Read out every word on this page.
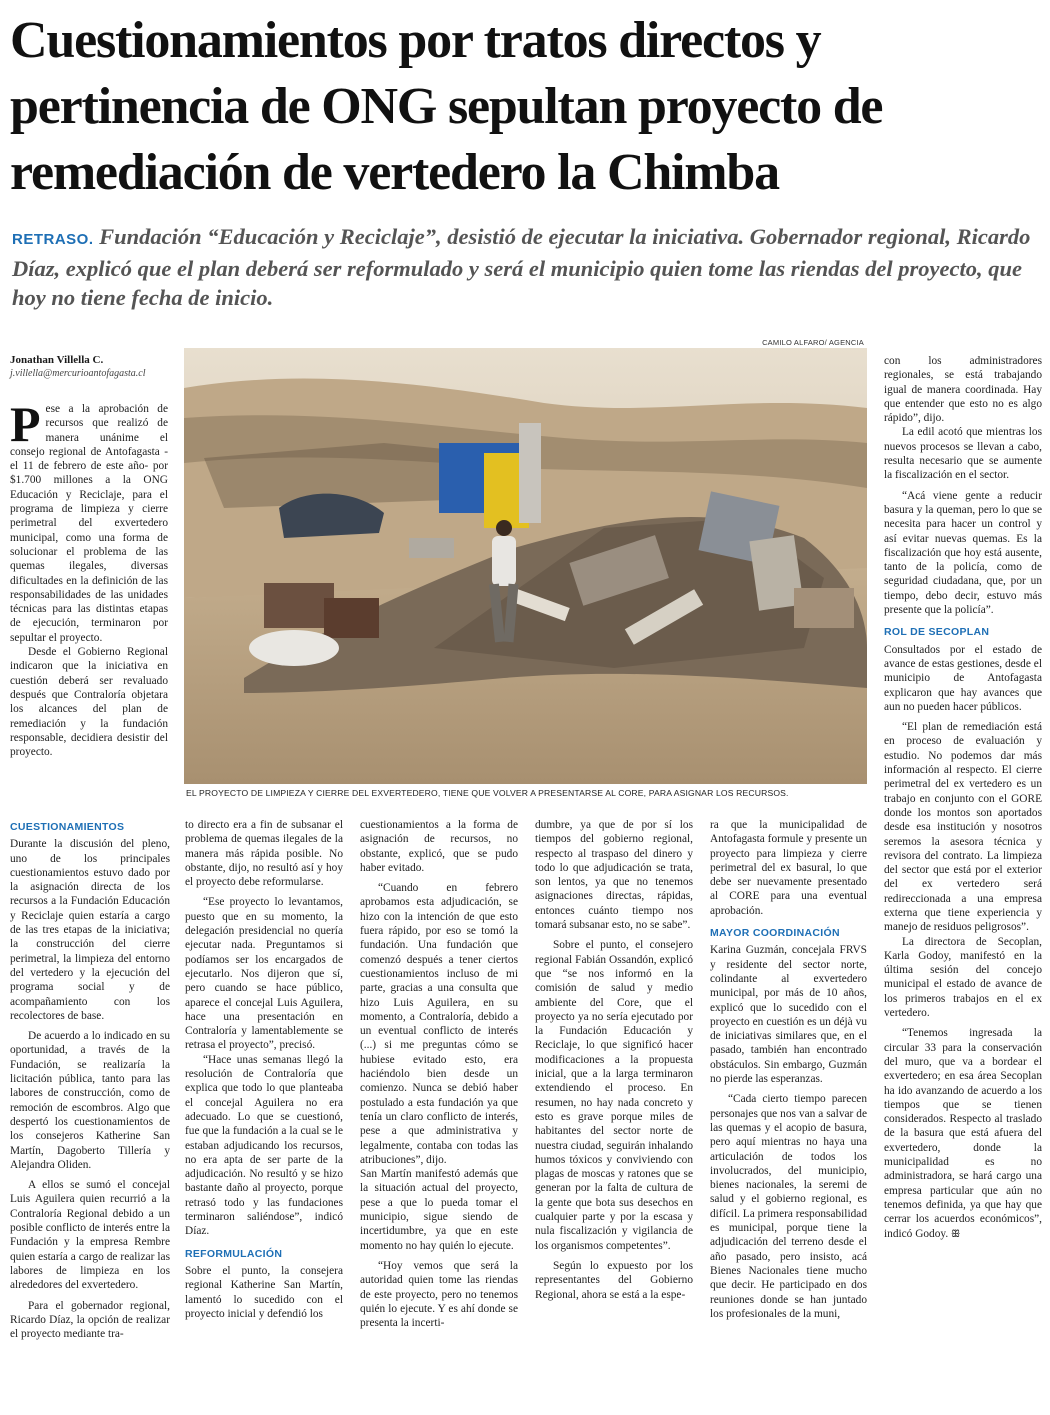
Cuestionamientos por tratos directos y pertinencia de ONG sepultan proyecto de remediación de vertedero la Chimba
RETRASO. Fundación “Educación y Reciclaje”, desistió de ejecutar la iniciativa. Gobernador regional, Ricardo Díaz, explicó que el plan deberá ser reformulado y será el municipio quien tome las riendas del proyecto, que hoy no tiene fecha de inicio.
Jonathan Villella C.
j.villella@mercurioantofagasta.cl
CAMILO ALFARO/ AGENCIA
EL PROYECTO DE LIMPIEZA Y CIERRE DEL EXVERTEDERO, TIENE QUE VOLVER A PRESENTARSE AL CORE, PARA ASIGNAR LOS RECURSOS.
P ese a la aprobación de recursos que realizó de manera unánime el consejo regional de Antofagasta -el 11 de febrero de este año- por $1.700 millones a la ONG Educación y Reciclaje, para el programa de limpieza y cierre perimetral del exvertedero municipal, como una forma de solucionar el problema de las quemas ilegales, diversas dificultades en la definición de las responsabilidades de las unidades técnicas para las distintas etapas de ejecución, terminaron por sepultar el proyecto.

Desde el Gobierno Regional indicaron que la iniciativa en cuestión deberá ser revaluado después que Contraloría objetara los alcances del plan de remediación y la fundación responsable, decidiera desistir del proyecto.

CUESTIONAMIENTOS

Durante la discusión del pleno, uno de los principales cuestionamientos estuvo dado por la asignación directa de los recursos a la Fundación Educación y Reciclaje quien estaría a cargo de las tres etapas de la iniciativa; la construcción del cierre perimetral, la limpieza del entorno del vertedero y la ejecución del programa social y de acompañamiento con los recolectores de base.

De acuerdo a lo indicado en su oportunidad, a través de la Fundación, se realizaría la licitación pública, tanto para las labores de construcción, como de remoción de escombros. Algo que despertó los cuestionamientos de los consejeros Katherine San Martín, Dagoberto Tillería y Alejandra Oliden.

A ellos se sumó el concejal Luis Aguilera quien recurrió a la Contraloría Regional debido a un posible conflicto de interés entre la Fundación y la empresa Rembre quien estaría a cargo de realizar las labores de limpieza en los alrededores del exvertedero.

Para el gobernador regional, Ricardo Díaz, la opción de realizar el proyecto mediante tra-

to directo era a fin de subsanar el problema de quemas ilegales de la manera más rápida posible. No obstante, dijo, no resultó así y hoy el proyecto debe reformularse.

“Ese proyecto lo levantamos, puesto que en su momento, la delegación presidencial no quería ejecutar nada. Preguntamos si podíamos ser los encargados de ejecutarlo. Nos dijeron que sí, pero cuando se hace público, aparece el concejal Luis Aguilera, hace una presentación en Contraloría y lamentablemente se retrasa el proyecto”, precisó.

“Hace unas semanas llegó la resolución de Contraloría que explica que todo lo que planteaba el concejal Aguilera no era adecuado. Lo que se cuestionó, fue que la fundación a la cual se le estaban adjudicando los recursos, no era apta de ser parte de la adjudicación. No resultó y se hizo bastante daño al proyecto, porque retrasó todo y las fundaciones terminaron saliéndose”, indicó Díaz.

REFORMULACIÓN

Sobre el punto, la consejera regional Katherine San Martín, lamentó lo sucedido con el proyecto inicial y defendió los

cuestionamientos a la forma de asignación de recursos, no obstante, explicó, que se pudo haber evitado.

“Cuando en febrero aprobamos esta adjudicación, se hizo con la intención de que esto fuera rápido, por eso se tomó la fundación. Una fundación que comenzó después a tener ciertos cuestionamientos incluso de mi parte, gracias a una consulta que hizo Luis Aguilera, en su momento, a Contraloría, debido a un eventual conflicto de interés (...) si me preguntas cómo se hubiese evitado esto, era haciéndolo bien desde un comienzo. Nunca se debió haber postulado a esta fundación ya que tenía un claro conflicto de interés, pese a que administrativa y legalmente, contaba con todas las atribuciones”, dijo.

San Martín manifestó además que la situación actual del proyecto, pese a que lo pueda tomar el municipio, sigue siendo de incertidumbre, ya que en este momento no hay quién lo ejecute.

“Hoy vemos que será la autoridad quien tome las riendas de este proyecto, pero no tenemos quién lo ejecute. Y es ahí donde se presenta la incerti-

dumbre, ya que de por sí los tiempos del gobierno regional, respecto al traspaso del dinero y todo lo que adjudicación se trata, son lentos, ya que no tenemos asignaciones directas, rápidas, entonces cuánto tiempo nos tomará subsanar esto, no se sabe”.

Sobre el punto, el consejero regional Fabián Ossandón, explicó que “se nos informó en la comisión de salud y medio ambiente del Core, que el proyecto ya no sería ejecutado por la Fundación Educación y Reciclaje, lo que significó hacer modificaciones a la propuesta inicial, que a la larga terminaron extendiendo el proceso. En resumen, no hay nada concreto y esto es grave porque miles de habitantes del sector norte de nuestra ciudad, seguirán inhalando humos tóxicos y conviviendo con plagas de moscas y ratones que se generan por la falta de cultura de la gente que bota sus desechos en cualquier parte y por la escasa y nula fiscalización y vigilancia de los organismos competentes”.

Según lo expuesto por los representantes del Gobierno Regional, ahora se está a la espe-

ra que la municipalidad de Antofagasta formule y presente un proyecto para limpieza y cierre perimetral del ex basural, lo que debe ser nuevamente presentado al CORE para una eventual aprobación.

MAYOR COORDINACIÓN

Karina Guzmán, concejala FRVS y residente del sector norte, colindante al exvertedero municipal, por más de 10 años, explicó que lo sucedido con el proyecto en cuestión es un déjà vu de iniciativas similares que, en el pasado, también han encontrado obstáculos. Sin embargo, Guzmán no pierde las esperanzas.

“Cada cierto tiempo parecen personajes que nos van a salvar de las quemas y el acopio de basura, pero aquí mientras no haya una articulación de todos los involucrados, del municipio, bienes nacionales, la seremi de salud y el gobierno regional, es difícil. La primera responsabilidad es municipal, porque tiene la adjudicación del terreno desde el año pasado, pero insisto, acá Bienes Nacionales tiene mucho que decir. He participado en dos reuniones donde se han juntado los profesionales de la muni,

con los administradores regionales, se está trabajando igual de manera coordinada. Hay que entender que esto no es algo rápido”, dijo.

La edil acotó que mientras los nuevos procesos se llevan a cabo, resulta necesario que se aumente la fiscalización en el sector.

“Acá viene gente a reducir basura y la queman, pero lo que se necesita para hacer un control y así evitar nuevas quemas. Es la fiscalización que hoy está ausente, tanto de la policía, como de seguridad ciudadana, que, por un tiempo, debo decir, estuvo más presente que la policía”.

ROL DE SECOPLAN

Consultados por el estado de avance de estas gestiones, desde el municipio de Antofagasta explicaron que hay avances que aun no pueden hacer públicos.

“El plan de remediación está en proceso de evaluación y estudio. No podemos dar más información al respecto. El cierre perimetral del ex vertedero es un trabajo en conjunto con el GORE donde los montos son aportados desde esa institución y nosotros seremos la asesora técnica y revisora del contrato. La limpieza del sector que está por el exterior del ex vertedero será redireccionada a una empresa externa que tiene experiencia y manejo de residuos peligrosos”.

La directora de Secoplan, Karla Godoy, manifestó en la última sesión del concejo municipal el estado de avance de los primeros trabajos en el ex vertedero.

“Tenemos ingresada la circular 33 para la conservación del muro, que va a bordear el exvertedero; en esa área Secoplan ha ido avanzando de acuerdo a los tiempos que se tienen considerados. Respecto al traslado de la basura que está afuera del exvertedero, donde la municipalidad es no administradora, se hará cargo una empresa particular que aún no tenemos definida, ya que hay que cerrar los acuerdos económicos”, indicó Godoy. ꕥ
